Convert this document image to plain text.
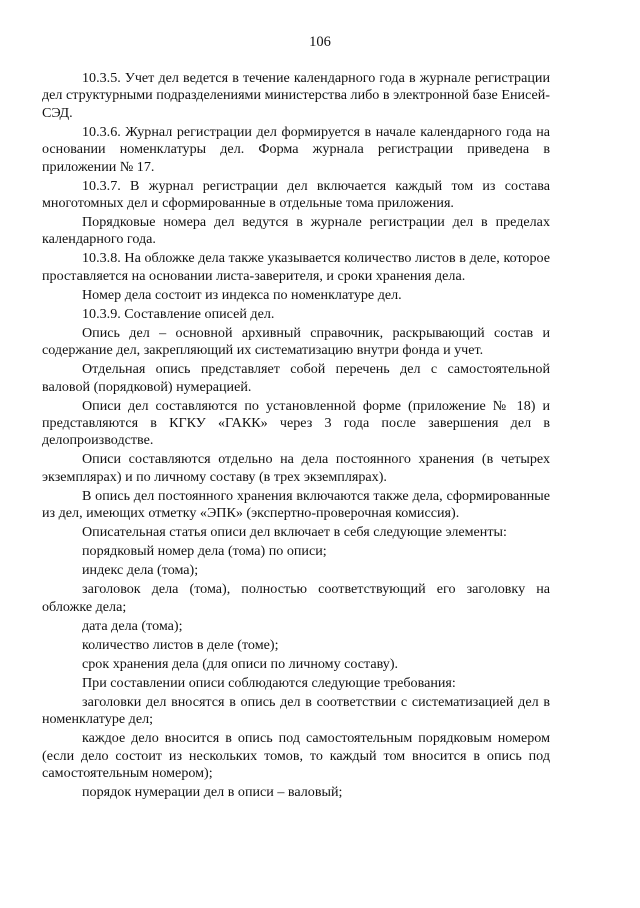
106

10.3.5. Учет дел ведется в течение календарного года в журнале регистрации дел структурными подразделениями министерства либо в электронной базе Енисей-СЭД.

10.3.6. Журнал регистрации дел формируется в начале календарного года на основании номенклатуры дел. Форма журнала регистрации приведена в приложении № 17.

10.3.7. В журнал регистрации дел включается каждый том из состава многотомных дел и сформированные в отдельные тома приложения.

Порядковые номера дел ведутся в журнале регистрации дел в пределах календарного года.

10.3.8. На обложке дела также указывается количество листов в деле, которое проставляется на основании листа-заверителя, и сроки хранения дела.

Номер дела состоит из индекса по номенклатуре дел.

10.3.9. Составление описей дел.

Опись дел – основной архивный справочник, раскрывающий состав и содержание дел, закрепляющий их систематизацию внутри фонда и учет.

Отдельная опись представляет собой перечень дел с самостоятельной валовой (порядковой) нумерацией.

Описи дел составляются по установленной форме (приложение № 18) и представляются в КГКУ «ГАКК» через 3 года после завершения дел в делопроизводстве.

Описи составляются отдельно на дела постоянного хранения (в четырех экземплярах) и по личному составу (в трех экземплярах).

В опись дел постоянного хранения включаются также дела, сформированные из дел, имеющих отметку «ЭПК» (экспертно-проверочная комиссия).

Описательная статья описи дел включает в себя следующие элементы:

порядковый номер дела (тома) по описи;

индекс дела (тома);

заголовок дела (тома), полностью соответствующий его заголовку на обложке дела;

дата дела (тома);

количество листов в деле (томе);

срок хранения дела (для описи по личному составу).

При составлении описи соблюдаются следующие требования:

заголовки дел вносятся в опись дел в соответствии с систематизацией дел в номенклатуре дел;

каждое дело вносится в опись под самостоятельным порядковым номером (если дело состоит из нескольких томов, то каждый том вносится в опись под самостоятельным номером);

порядок нумерации дел в описи – валовый;
